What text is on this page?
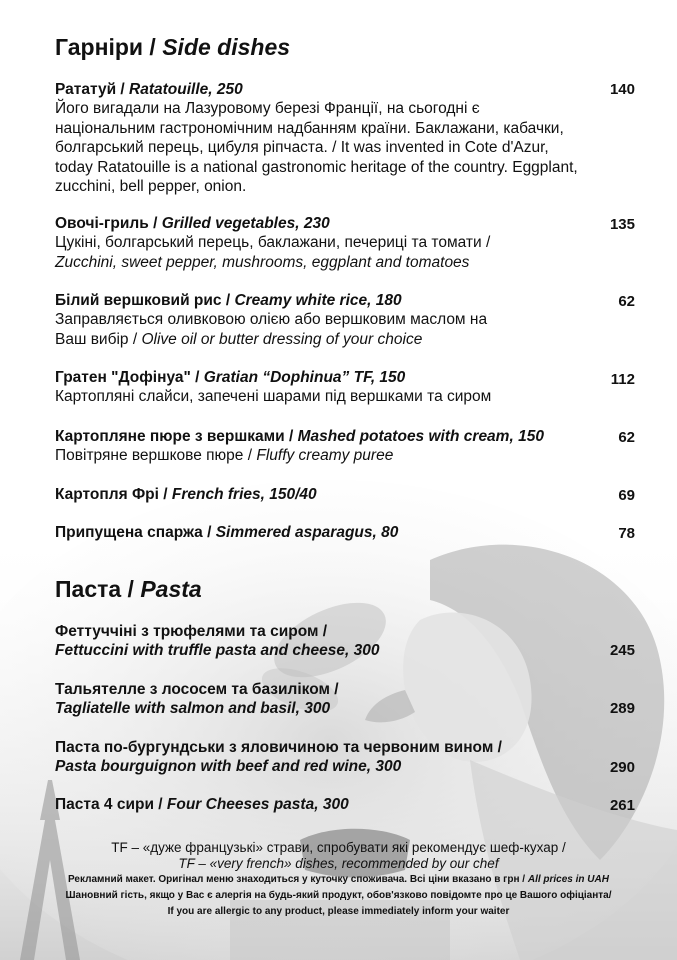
Гарніри / Side dishes

Рататуй / Ratatouille, 250

Його вигадали на Лазуровому березі Франції, на сьогодні є
національним гастрономічним надбанням країни. Баклажани, кабачки,
болгарський перець, цибуля ріпчаста. / It was invented in Cote d'Azur,
today Ratatouille is a national gastronomic heritage of the country. Eggplant,
zucchini, bell pepper, onion.

140

Овочі-гриль / Grilled vegetables, 230

Цукіні, болгарський перець, баклажани, печериці та томати /
Zucchini, sweet pepper, mushrooms, eggplant and tomatoes

135

Білий вершковий рис / Creamy white rice, 180

Заправляється оливковою олією або вершковим маслом на
Ваш вибір / Olive oil or butter dressing of your choice

62

Гратен "Дофінуа" / Gratian “Dophinua” TF, 150

Картопляні слайси, запечені шарами під вершками та сиром

112

Картопляне пюре з вершками / Mashed potatoes with cream, 150

Повітряне вершкове пюре / Fluffy creamy puree

62

Картопля Фрі / French fries, 150/40	69

Припущена спаржа / Simmered asparagus, 80	78
Паста / Pasta

Феттуччіні з трюфелями та сиром /
Fettuccini with truffle pasta and cheese, 300	245

Тальятелле з лососем та базиліком /
Tagliatelle with salmon and basil, 300	289

Паста по-бургундськи з яловичиною та червоним вином /
Pasta bourguignon with beef and red wine, 300	290

Паста 4 сири / Four Cheeses pasta, 300	261
TF – «дуже французькі» страви, спробувати які рекомендує шеф-кухар /
TF – «very french» dishes, recommended by our chef
Рекламний макет. Оригінал меню знаходиться у куточку споживача. Всі ціни вказано в грн / All prices in UAH
Шановний гість, якщо у Вас є алергія на будь-який продукт, обов'язково повідомте про це Вашого офіціанта/
If you are allergic to any product, please immediately inform your waiter
